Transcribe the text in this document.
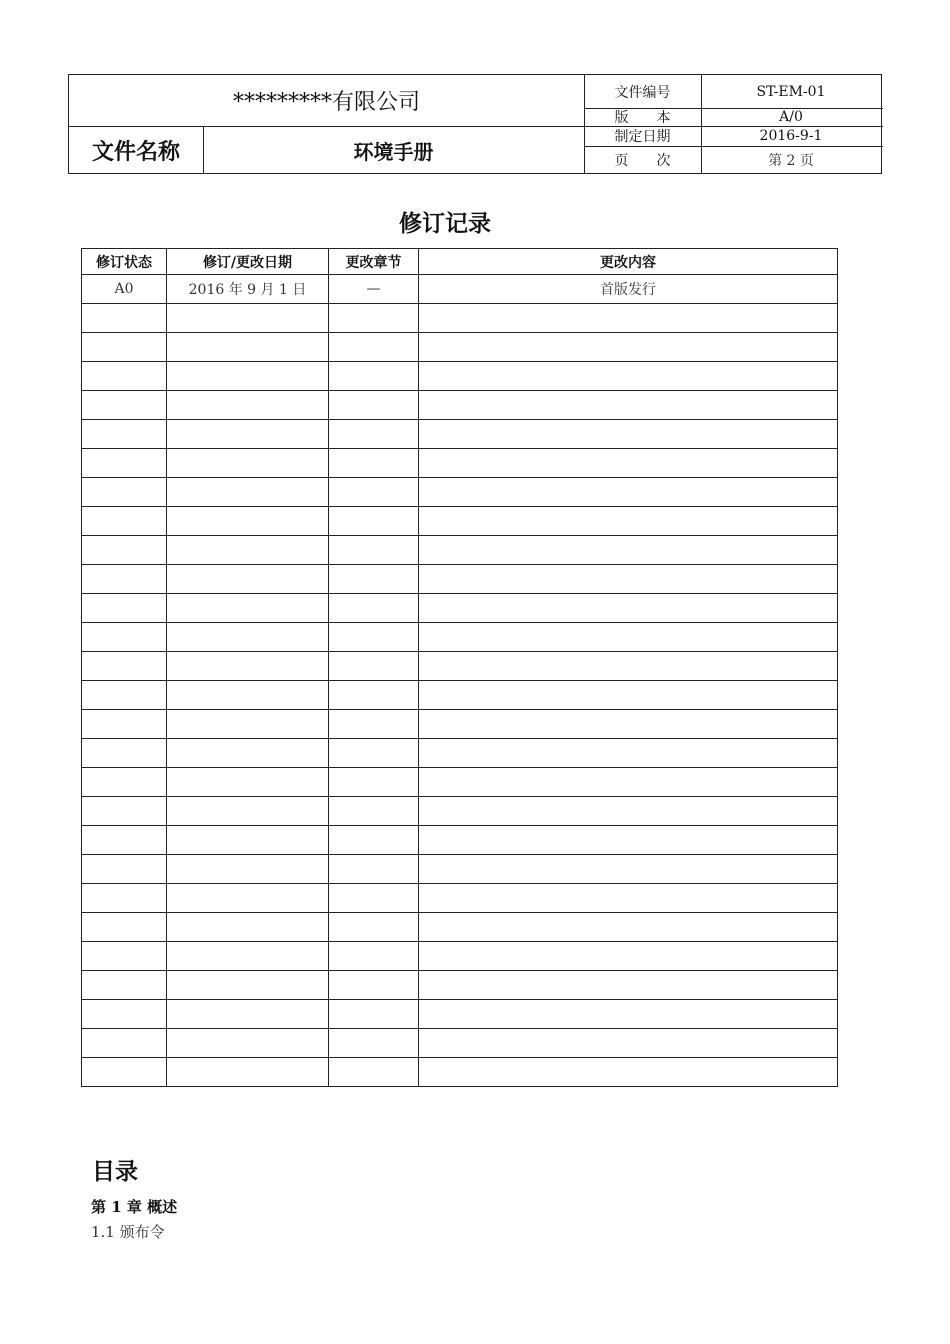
*********有限公司
文件名称	环境手册
文件编号	ST-EM-01
版　　本	A/0
制定日期	2016-9-1
页　　次	第 2 页
修订记录
修订状态	修订/更改日期	更改章节	更改内容
A0	2016 年 9 月 1 日	—	首版发行

目录
第 1 章 概述
1.1 颁布令
